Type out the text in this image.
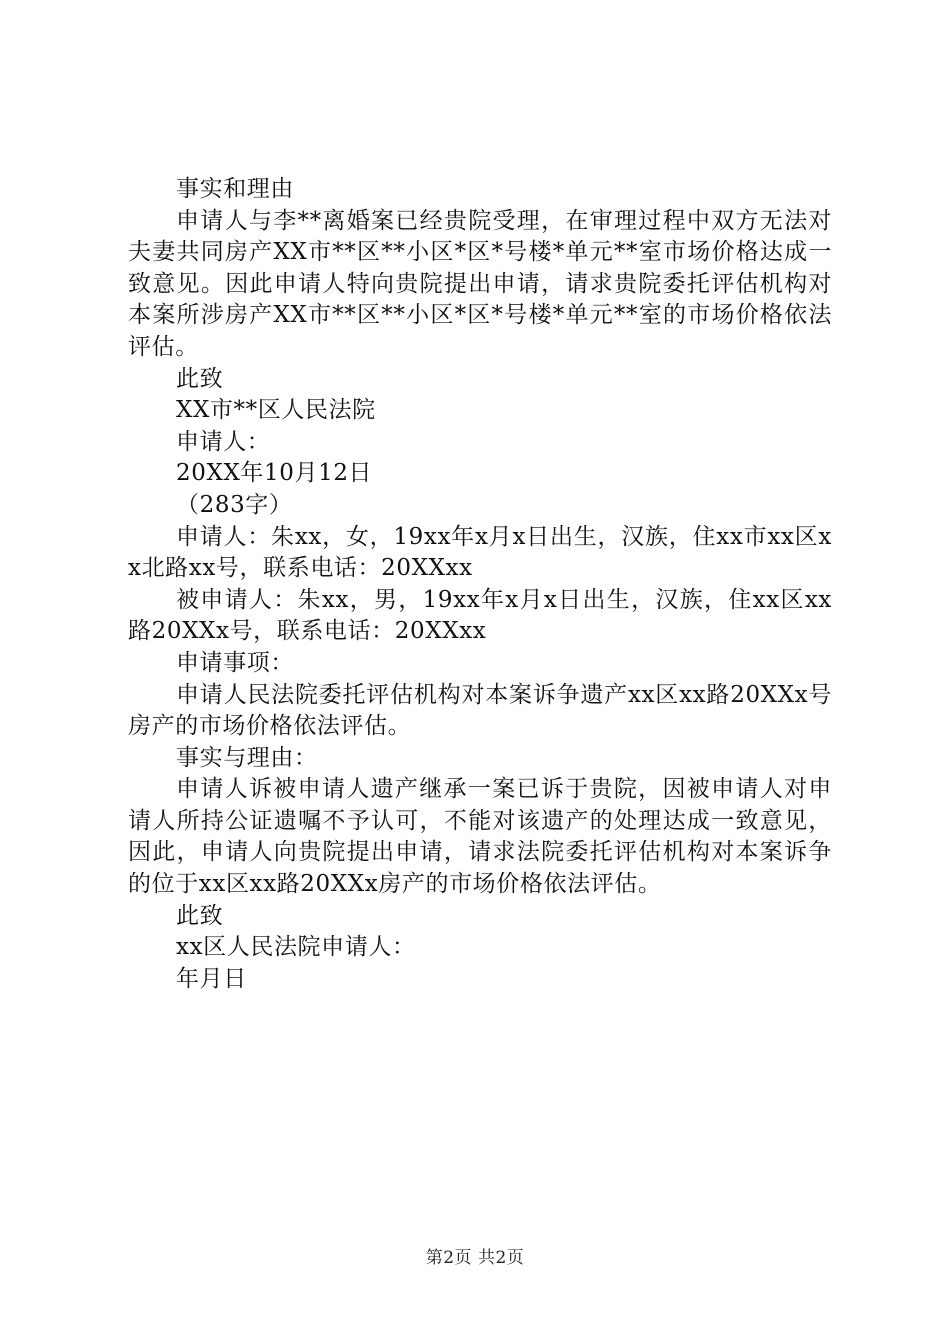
事实和理由

申请人与李**离婚案已经贵院受理，在审理过程中双方无法对夫妻共同房产XX市**区**小区*区*号楼*单元**室市场价格达成一致意见。因此申请人特向贵院提出申请，请求贵院委托评估机构对本案所涉房产XX市**区**小区*区*号楼*单元**室的市场价格依法评估。

此致

XX市**区人民法院

申请人：

20XX年10月12日

（283字）

申请人：朱xx，女，19xx年x月x日出生，汉族，住xx市xx区xx北路xx号，联系电话：20XXxx

被申请人：朱xx，男，19xx年x月x日出生，汉族，住xx区xx路20XXx号，联系电话：20XXxx

申请事项：

申请人民法院委托评估机构对本案诉争遗产xx区xx路20XXx号房产的市场价格依法评估。

事实与理由：

申请人诉被申请人遗产继承一案已诉于贵院，因被申请人对申请人所持公证遗嘱不予认可，不能对该遗产的处理达成一致意见，因此，申请人向贵院提出申请，请求法院委托评估机构对本案诉争的位于xx区xx路20XXx房产的市场价格依法评估。

此致

xx区人民法院申请人：

年月日

第2页 共2页
